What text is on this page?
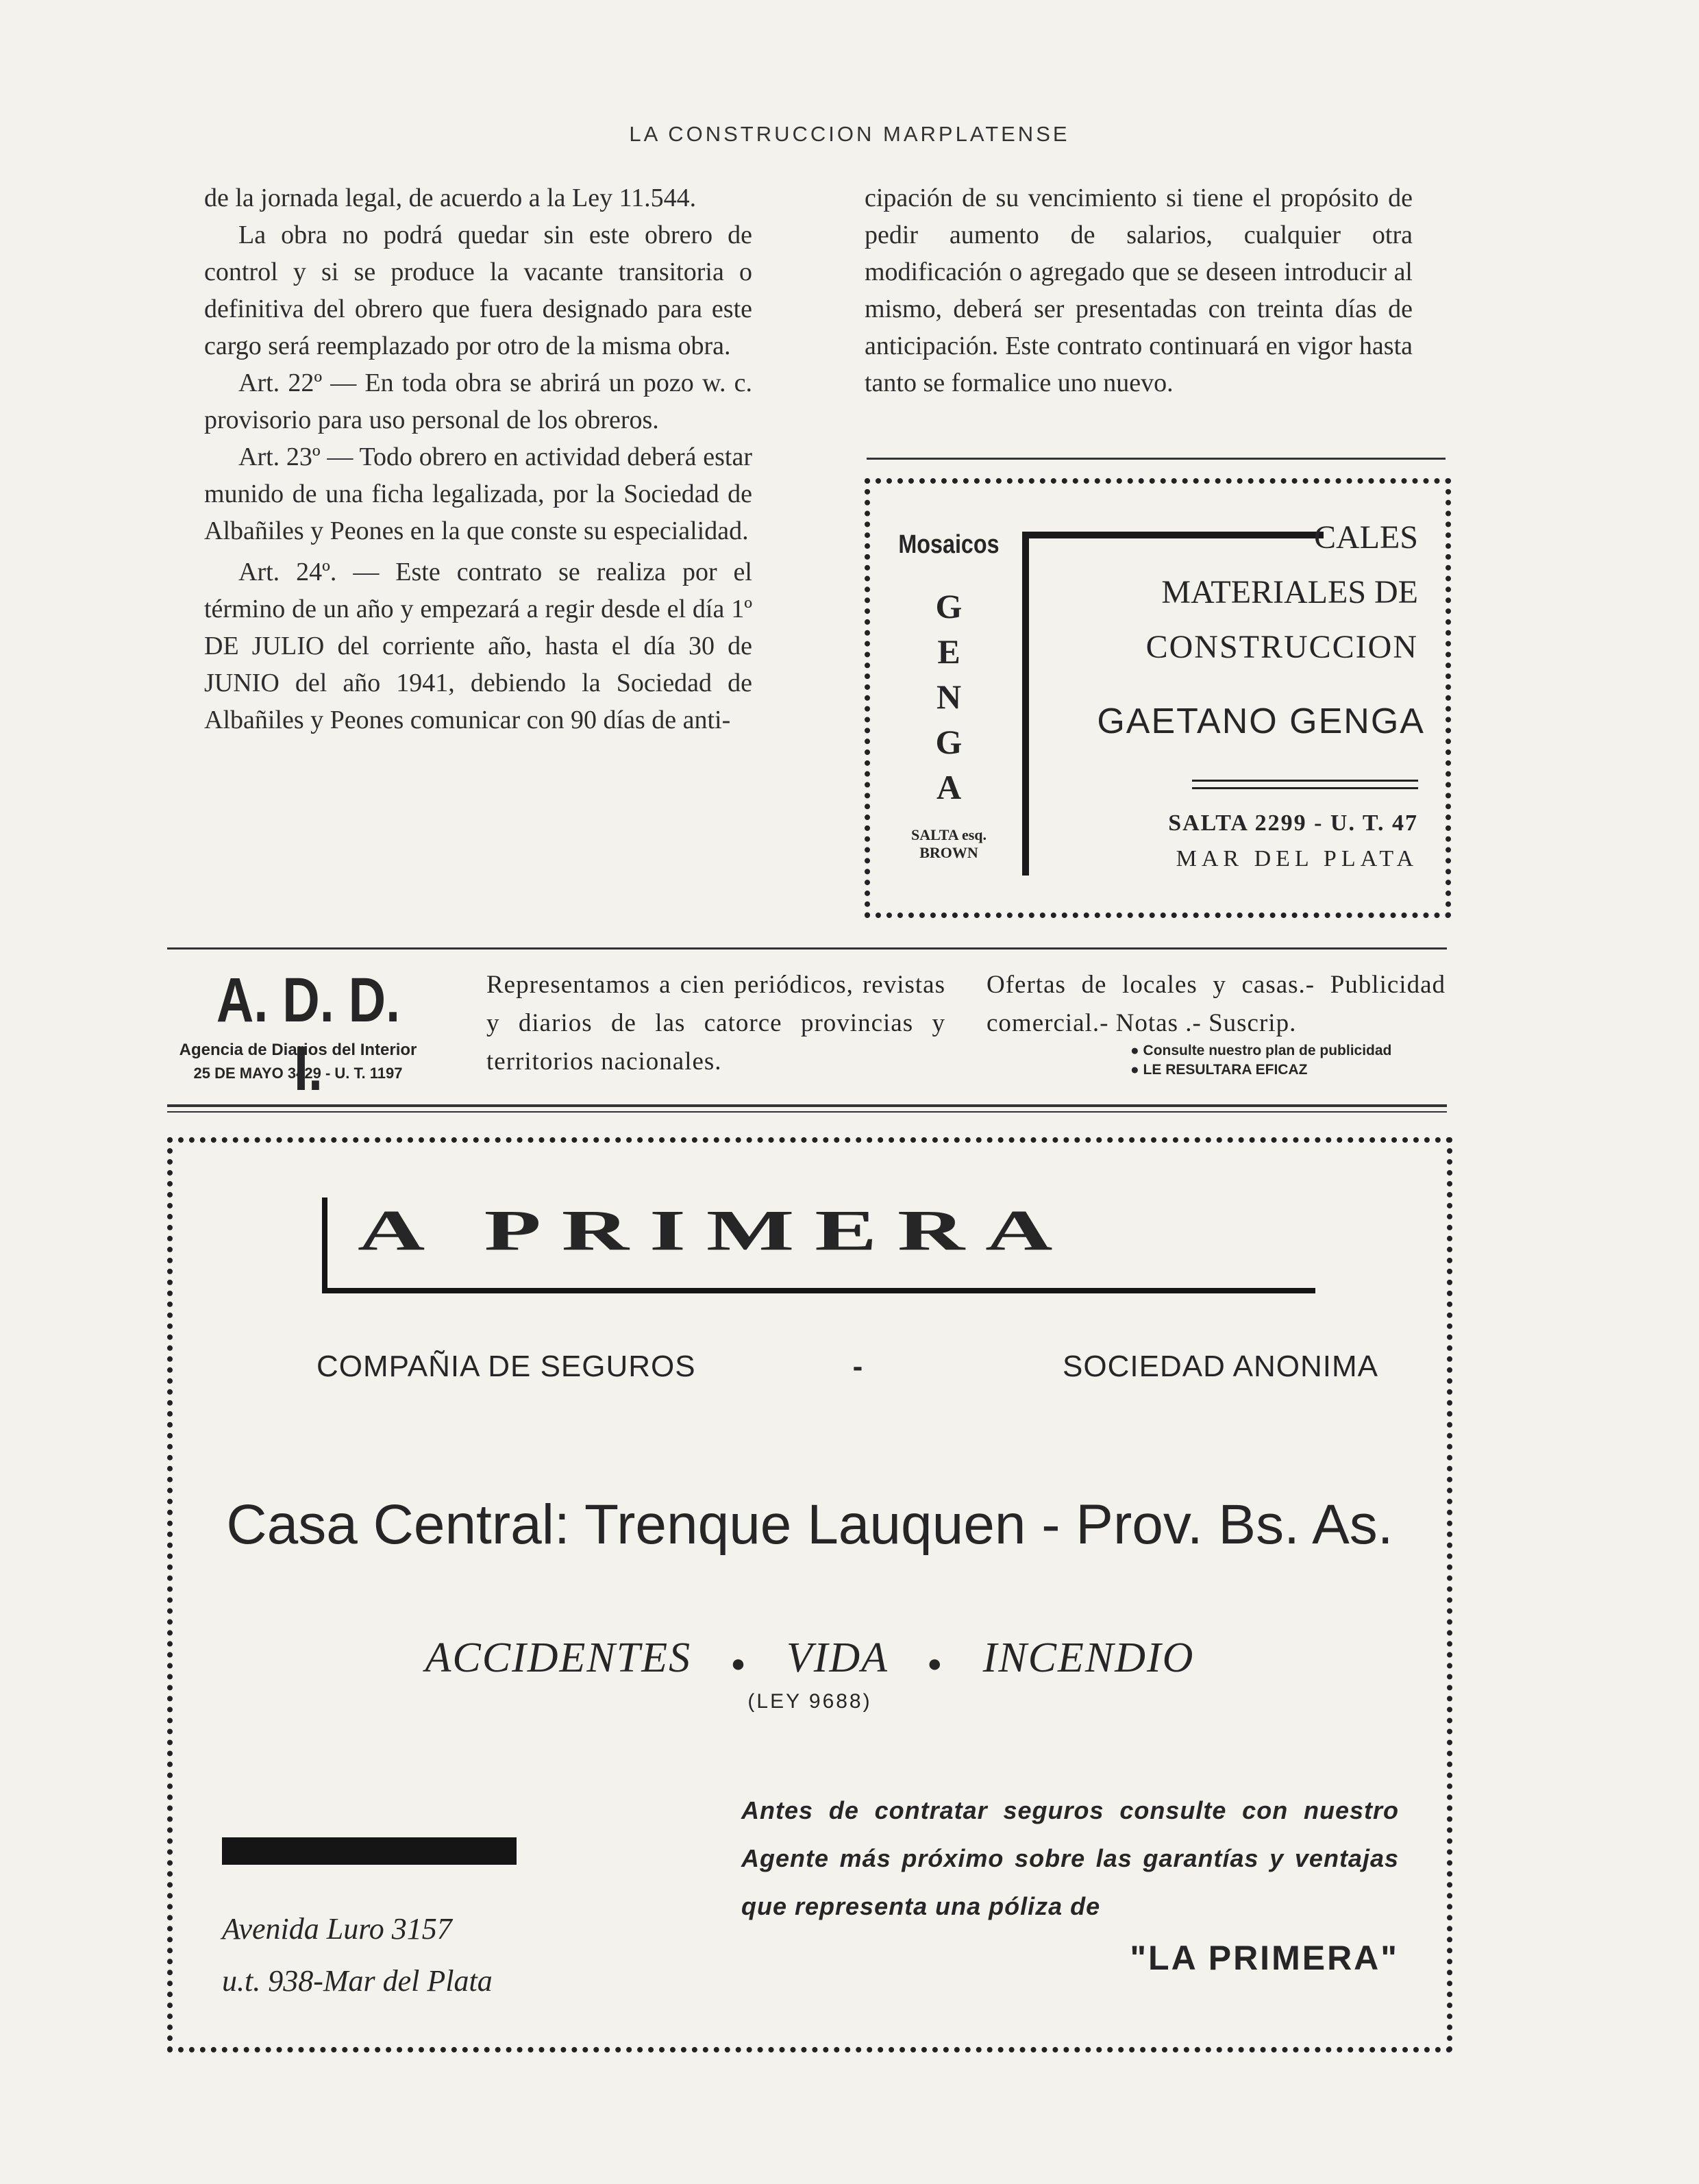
LA CONSTRUCCION MARPLATENSE

de la jornada legal, de acuerdo a la Ley 11.544.

La obra no podrá quedar sin este obrero de control y si se produce la vacante transitoria o definitiva del obrero que fuera designado para este cargo será reemplazado por otro de la misma obra.

Art. 22º — En toda obra se abrirá un pozo w. c. provisorio para uso personal de los obreros.

Art. 23º — Todo obrero en actividad deberá estar munido de una ficha legalizada, por la Sociedad de Albañiles y Peones en la que conste su especialidad.

Art. 24º. — Este contrato se realiza por el término de un año y empezará a regir desde el día 1º DE JULIO del corriente año, hasta el día 30 de JUNIO del año 1941, debiendo la Sociedad de Albañiles y Peones comunicar con 90 días de anti-

cipación de su vencimiento si tiene el propósito de pedir aumento de salarios, cualquier otra modificación o agregado que se deseen introducir al mismo, deberá ser presentadas con treinta días de anticipación. Este contrato continuará en vigor hasta tanto se formalice uno nuevo.

Mosaicos
G
E
N
G
A
SALTA esq.
BROWN
CALES
MATERIALES DE
CONSTRUCCION
GAETANO GENGA
SALTA 2299 - U. T. 47
MAR DEL PLATA
A. D. D. I.
Agencia de Diarios del Interior
25 DE MAYO 3429 - U. T. 1197
Representamos a cien periódicos, revistas y diarios de las catorce provincias y territorios nacionales.
Ofertas de locales y casas.- Publicidad comercial.- Notas .- Suscrip.
● Consulte nuestro plan de publicidad
● LE RESULTARA EFICAZ
A PRIMERA
COMPAÑIA DE SEGUROS	-	SOCIEDAD ANONIMA
Casa Central: Trenque Lauquen - Prov. Bs. As.
ACCIDENTES ● VIDA ● INCENDIO
(LEY 9688)
Antes de contratar seguros consulte con nuestro Agente más próximo sobre las garantías y ventajas que representa una póliza de
"LA PRIMERA"
Avenida Luro 3157
u.t. 938-Mar del Plata
